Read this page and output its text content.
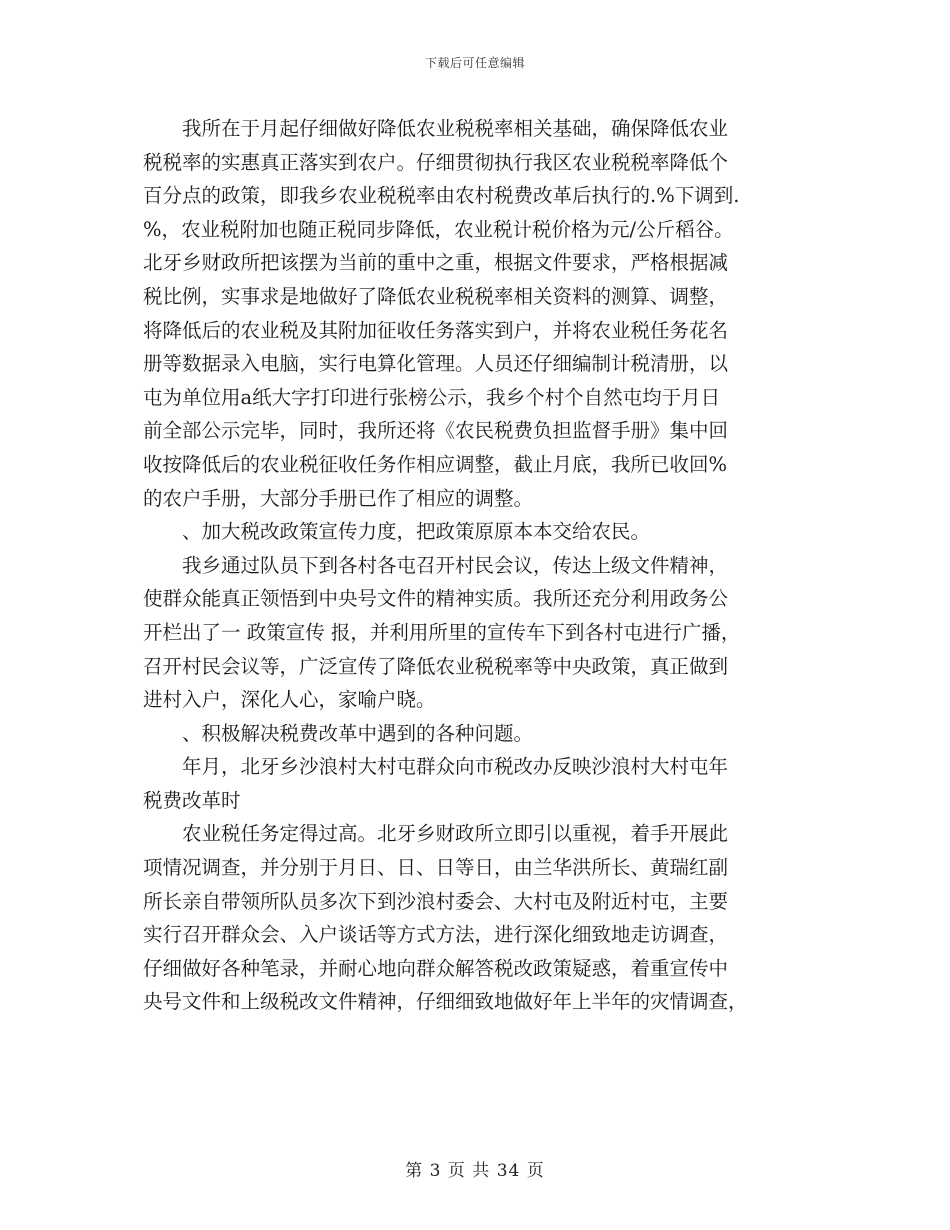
下载后可任意编辑
　　我所在于月起仔细做好降低农业税税率相关基础，确保降低农业
税税率的实惠真正落实到农户。仔细贯彻执行我区农业税税率降低个
百分点的政策，即我乡农业税税率由农村税费改革后执行的.%下调到.
%，农业税附加也随正税同步降低，农业税计税价格为元/公斤稻谷。
北牙乡财政所把该摆为当前的重中之重，根据文件要求，严格根据减
税比例，实事求是地做好了降低农业税税率相关资料的测算、调整，
将降低后的农业税及其附加征收任务落实到户，并将农业税任务花名
册等数据录入电脑，实行电算化管理。人员还仔细编制计税清册，以
屯为单位用a纸大字打印进行张榜公示，我乡个村个自然屯均于月日
前全部公示完毕，同时，我所还将《农民税费负担监督手册》集中回
收按降低后的农业税征收任务作相应调整，截止月底，我所已收回%
的农户手册，大部分手册已作了相应的调整。
　　、加大税改政策宣传力度，把政策原原本本交给农民。
　　我乡通过队员下到各村各屯召开村民会议，传达上级文件精神，
使群众能真正领悟到中央号文件的精神实质。我所还充分利用政务公
开栏出了一 政策宣传 报，并利用所里的宣传车下到各村屯进行广播，
召开村民会议等，广泛宣传了降低农业税税率等中央政策，真正做到
进村入户，深化人心，家喻户晓。
　　、积极解决税费改革中遇到的各种问题。
　　年月，北牙乡沙浪村大村屯群众向市税改办反映沙浪村大村屯年
税费改革时
　　农业税任务定得过高。北牙乡财政所立即引以重视，着手开展此
项情况调查，并分别于月日、日、日等日，由兰华洪所长、黄瑞红副
所长亲自带领所队员多次下到沙浪村委会、大村屯及附近村屯，主要
实行召开群众会、入户谈话等方式方法，进行深化细致地走访调查，
仔细做好各种笔录，并耐心地向群众解答税改政策疑惑，着重宣传中
央号文件和上级税改文件精神，仔细细致地做好年上半年的灾情调查，
第 3 页 共 34 页
